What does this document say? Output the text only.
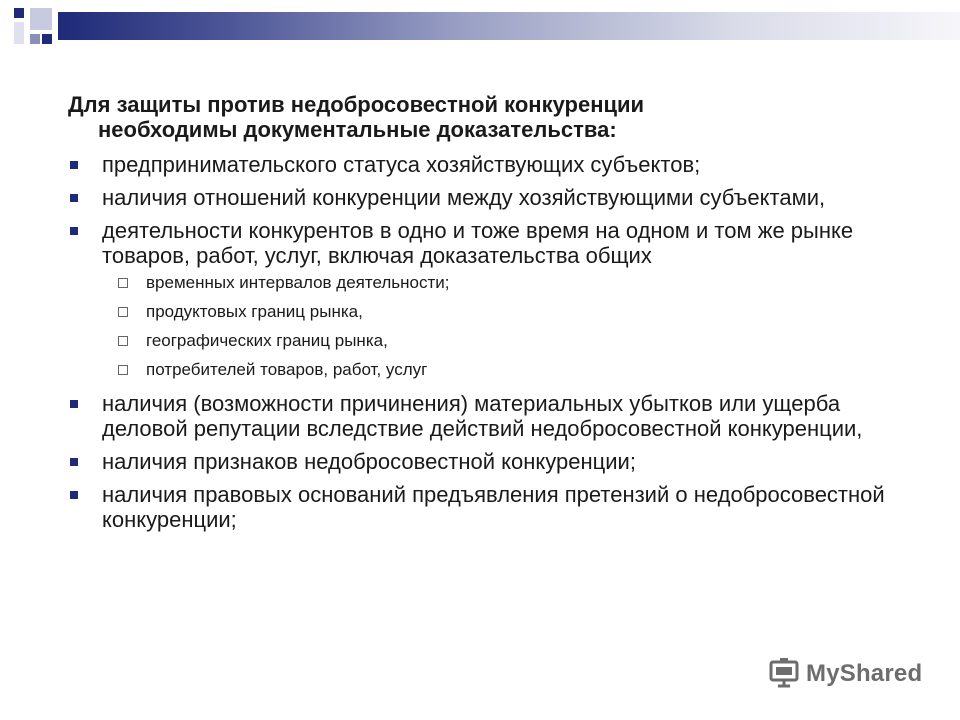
Для защиты против недобросовестной конкуренции
необходимы документальные доказательства:
предпринимательского статуса хозяйствующих субъектов;
наличия отношений конкуренции между хозяйствующими субъектами,
деятельности конкурентов в одно и тоже время на одном и том же рынке товаров, работ, услуг, включая доказательства общих
временных интервалов деятельности;
продуктовых границ рынка,
географических границ рынка,
потребителей товаров, работ, услуг
наличия (возможности причинения) материальных убытков или ущерба деловой репутации вследствие действий недобросовестной конкуренции,
наличия признаков недобросовестной конкуренции;
наличия правовых оснований предъявления претензий о недобросовестной конкуренции;
MyShared
